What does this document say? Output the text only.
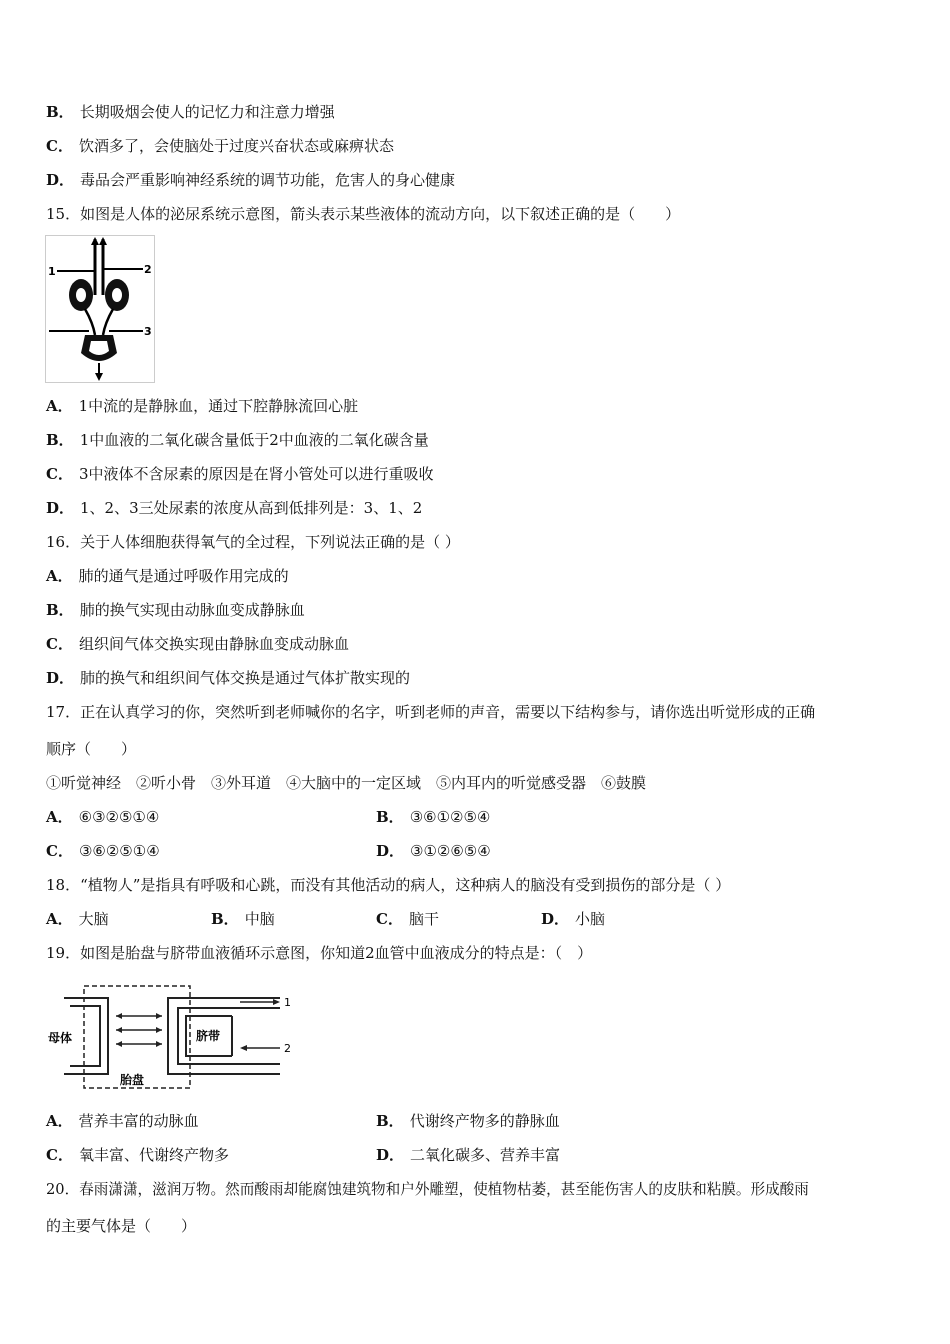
B． 长期吸烟会使人的记忆力和注意力增强
C． 饮酒多了，会使脑处于过度兴奋状态或麻痹状态
D． 毒品会严重影响神经系统的调节功能，危害人的身心健康
15．如图是人体的泌尿系统示意图，箭头表示某些液体的流动方向，以下叙述正确的是（　　）
1	2
3
A． 1中流的是静脉血，通过下腔静脉流回心脏
B． 1中血液的二氧化碳含量低于2中血液的二氧化碳含量
C． 3中液体不含尿素的原因是在肾小管处可以进行重吸收
D． 1、2、3三处尿素的浓度从高到低排列是：3、1、2
16．关于人体细胞获得氧气的全过程，下列说法正确的是（ ）
A． 肺的通气是通过呼吸作用完成的
B． 肺的换气实现由动脉血变成静脉血
C． 组织间气体交换实现由静脉血变成动脉血
D． 肺的换气和组织间气体交换是通过气体扩散实现的
17．正在认真学习的你，突然听到老师喊你的名字，听到老师的声音，需要以下结构参与，请你选出听觉形成的正确
顺序（　　）
①听觉神经　②听小骨　③外耳道　④大脑中的一定区域　⑤内耳内的听觉感受器　⑥鼓膜
A． ⑥③②⑤①④	B． ③⑥①②⑤④
C． ③⑥②⑤①④	D． ③①②⑥⑤④
18．“植物人”是指具有呼吸和心跳，而没有其他活动的病人，这种病人的脑没有受到损伤的部分是（ ）
A． 大脑	B． 中脑	C． 脑干	D． 小脑
19．如图是胎盘与脐带血液循环示意图，你知道2血管中血液成分的特点是：（　）
母体	脐带
1
2
胎盘
A． 营养丰富的动脉血	B． 代谢终产物多的静脉血
C． 氧丰富、代谢终产物多	D． 二氧化碳多、营养丰富
20．春雨潇潇，滋润万物。然而酸雨却能腐蚀建筑物和户外雕塑，使植物枯萎，甚至能伤害人的皮肤和粘膜。形成酸雨
的主要气体是（　　）
